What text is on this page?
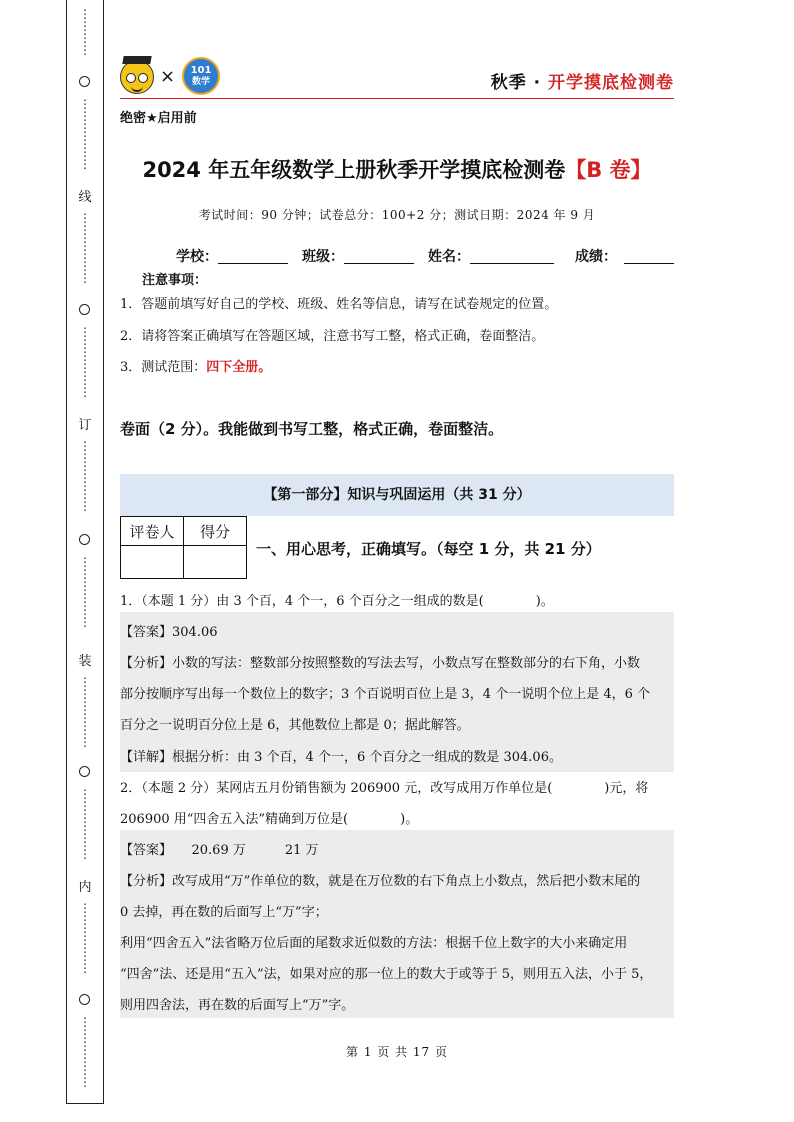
⋮
⋮
⋮
⋮
⋮
⋮
⋮
⋮
⋮
⋮
线
⋮
⋮
⋮
⋮
⋮
⋮
⋮
⋮
⋮
⋮
⋮
⋮
订
⋮
⋮
⋮
⋮
⋮
⋮
⋮
⋮
⋮
⋮
⋮
⋮
装
⋮
⋮
⋮
⋮
⋮
⋮
⋮
⋮
⋮
⋮
⋮
⋮
内
⋮
⋮
⋮
⋮
⋮
⋮
⋮
⋮
⋮
⋮
⋮
⋮
×	101
数学	秋季 · 开学摸底检测卷
绝密★启用前
2024 年五年级数学上册秋季开学摸底检测卷【B 卷】
考试时间：90 分钟；试卷总分：100+2 分；测试日期：2024 年 9 月
学校：	班级：	姓名：	成绩：
注意事项：
1．答题前填写好自己的学校、班级、姓名等信息，请写在试卷规定的位置。
2．请将答案正确填写在答题区域，注意书写工整，格式正确，卷面整洁。
3．测试范围：四下全册。
卷面（2 分）。我能做到书写工整，格式正确，卷面整洁。
【第一部分】知识与巩固运用（共 31 分）
评卷人	得分

一、用心思考，正确填写。（每空 1 分，共 21 分）
1．（本题 1 分）由 3 个百，4 个一，6 个百分之一组成的数是(　　　　)。
【答案】304.06
【分析】小数的写法：整数部分按照整数的写法去写，小数点写在整数部分的右下角，小数
部分按顺序写出每一个数位上的数字；3 个百说明百位上是 3，4 个一说明个位上是 4，6 个
百分之一说明百分位上是 6，其他数位上都是 0；据此解答。
【详解】根据分析：由 3 个百，4 个一，6 个百分之一组成的数是 304.06。
2．（本题 2 分）某网店五月份销售额为 206900 元，改写成用万作单位是(　　　　)元，将
206900 用“四舍五入法”精确到万位是(　　　　)。
【答案】　　20.69 万　　　21 万
【分析】改写成用“万”作单位的数，就是在万位数的右下角点上小数点，然后把小数末尾的
0 去掉，再在数的后面写上“万”字；
利用“四舍五入”法省略万位后面的尾数求近似数的方法：根据千位上数字的大小来确定用
“四舍”法、还是用“五入”法，如果对应的那一位上的数大于或等于 5，则用五入法，小于 5，
则用四舍法，再在数的后面写上“万”字。
第 1 页 共 17 页
